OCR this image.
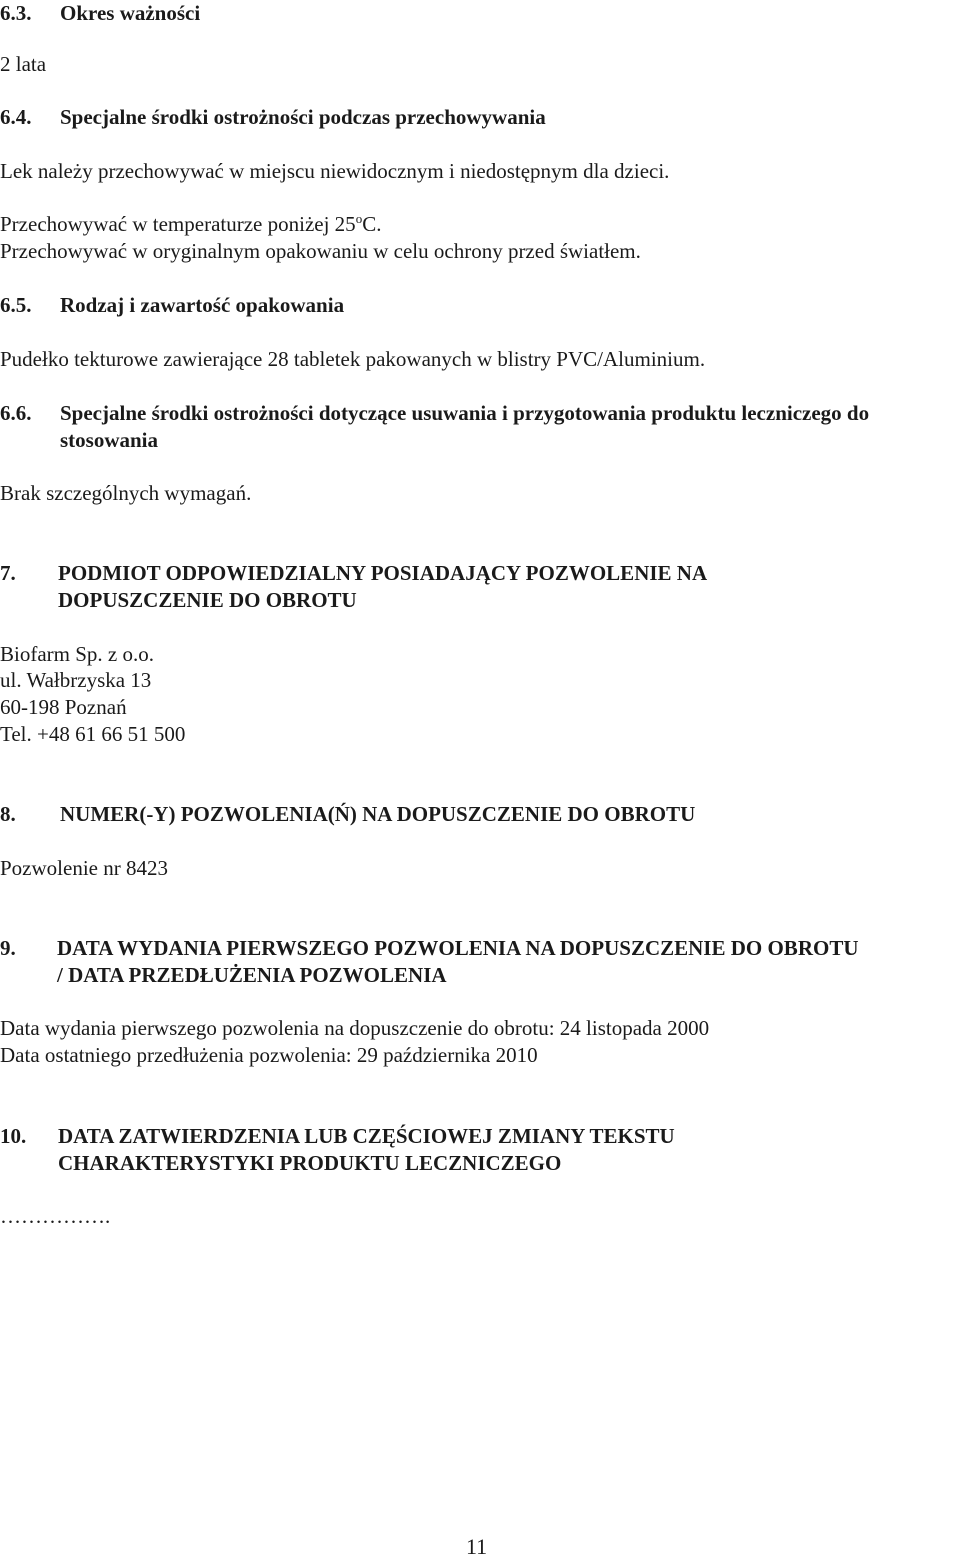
6.3. Okres ważności
2 lata
6.4. Specjalne środki ostrożności podczas przechowywania
Lek należy przechowywać w miejscu niewidocznym i niedostępnym dla dzieci.
Przechowywać w temperaturze poniżej 25$^o$C.
Przechowywać w oryginalnym opakowaniu w celu ochrony przed światłem.
6.5. Rodzaj i zawartość opakowania
Pudełko tekturowe zawierające 28 tabletek pakowanych w blistry PVC/Aluminium.
6.6. Specjalne środki ostrożności dotyczące usuwania i przygotowania produktu leczniczego do
stosowania
Brak szczególnych wymagań.
7. PODMIOT ODPOWIEDZIALNY POSIADAJĄCY POZWOLENIE NA
DOPUSZCZENIE DO OBROTU
Biofarm Sp. z o.o.
ul. Wałbrzyska 13
60-198 Poznań
Tel. +48 61 66 51 500
8. NUMER(-Y) POZWOLENIA(Ń) NA DOPUSZCZENIE DO OBROTU
Pozwolenie nr 8423
9. DATA WYDANIA PIERWSZEGO POZWOLENIA NA DOPUSZCZENIE DO OBROTU
/ DATA PRZEDŁUŻENIA POZWOLENIA
Data wydania pierwszego pozwolenia na dopuszczenie do obrotu: 24 listopada 2000
Data ostatniego przedłużenia pozwolenia: 29 października 2010
10. DATA ZATWIERDZENIA LUB CZĘŚCIOWEJ ZMIANY TEKSTU
CHARAKTERYSTYKI PRODUKTU LECZNICZEGO
…………….
11
